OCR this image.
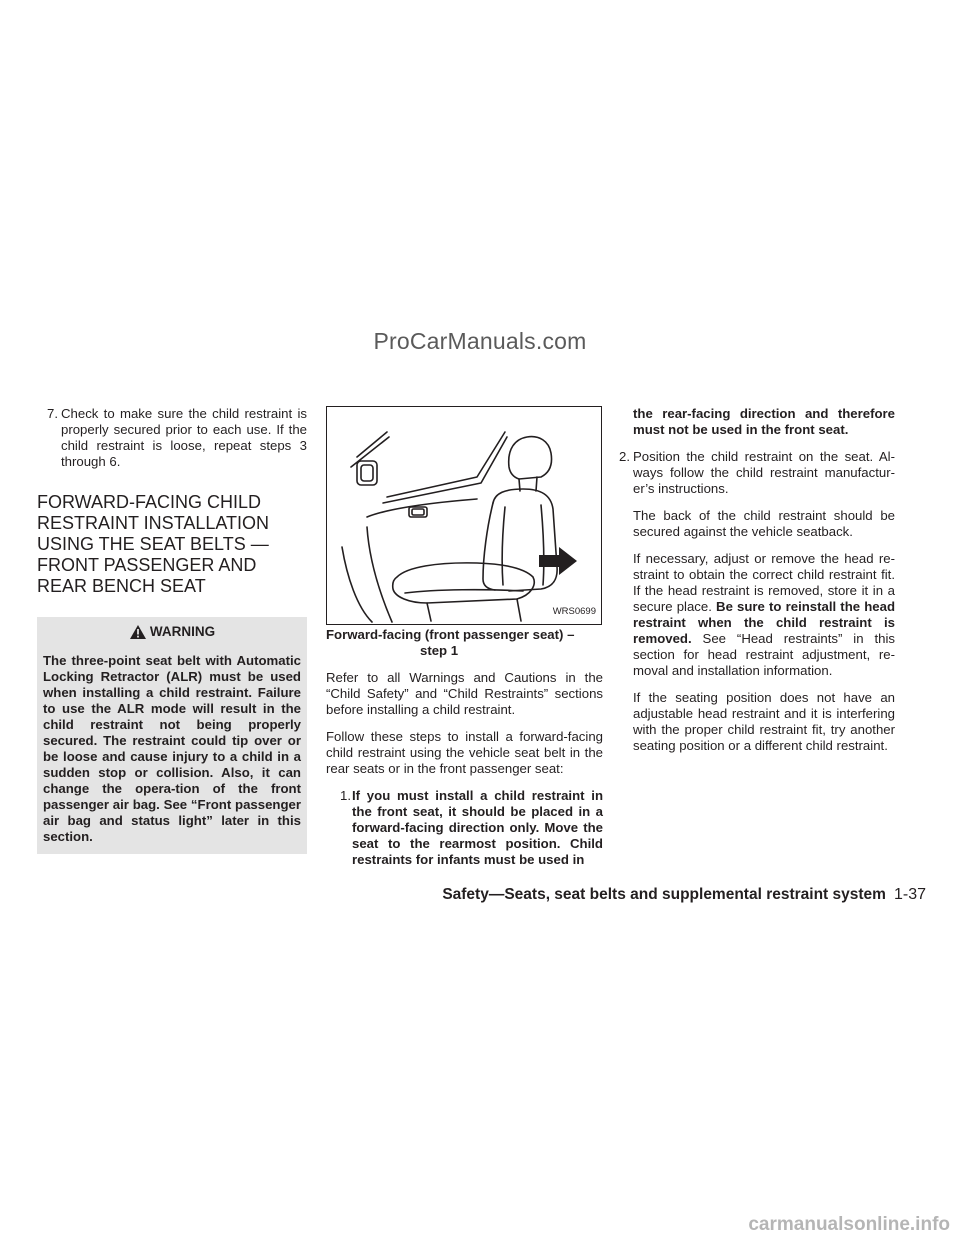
ProCarManuals.com
7. Check to make sure the child restraint is properly secured prior to each use. If the child restraint is loose, repeat steps 3 through 6.
FORWARD-FACING CHILD RESTRAINT INSTALLATION USING THE SEAT BELTS — FRONT PASSENGER AND REAR BENCH SEAT
WARNING
The three-point seat belt with Automatic Locking Retractor (ALR) must be used when installing a child restraint. Failure to use the ALR mode will result in the child restraint not being properly secured. The restraint could tip over or be loose and cause injury to a child in a sudden stop or collision. Also, it can change the opera-tion of the front passenger air bag. See “Front passenger air bag and status light” later in this section.
WRS0699
Forward-facing (front passenger seat) –
step 1
Refer to all Warnings and Cautions in the “Child Safety” and “Child Restraints” sections before installing a child restraint.
Follow these steps to install a forward-facing child restraint using the vehicle seat belt in the rear seats or in the front passenger seat:
1. If you must install a child restraint in the front seat, it should be placed in a forward-facing direction only. Move the seat to the rearmost position. Child restraints for infants must be used in
the rear-facing direction and therefore must not be used in the front seat.
2. Position the child restraint on the seat. Al-ways follow the child restraint manufactur-er’s instructions.
The back of the child restraint should be secured against the vehicle seatback.
If necessary, adjust or remove the head re-straint to obtain the correct child restraint fit. If the head restraint is removed, store it in a secure place. Be sure to reinstall the head restraint when the child restraint is removed. See “Head restraints” in this section for head restraint adjustment, re-moval and installation information.
If the seating position does not have an adjustable head restraint and it is interfering with the proper child restraint fit, try another seating position or a different child restraint.
Safety—Seats, seat belts and supplemental restraint system 1-37
carmanualsonline.info
